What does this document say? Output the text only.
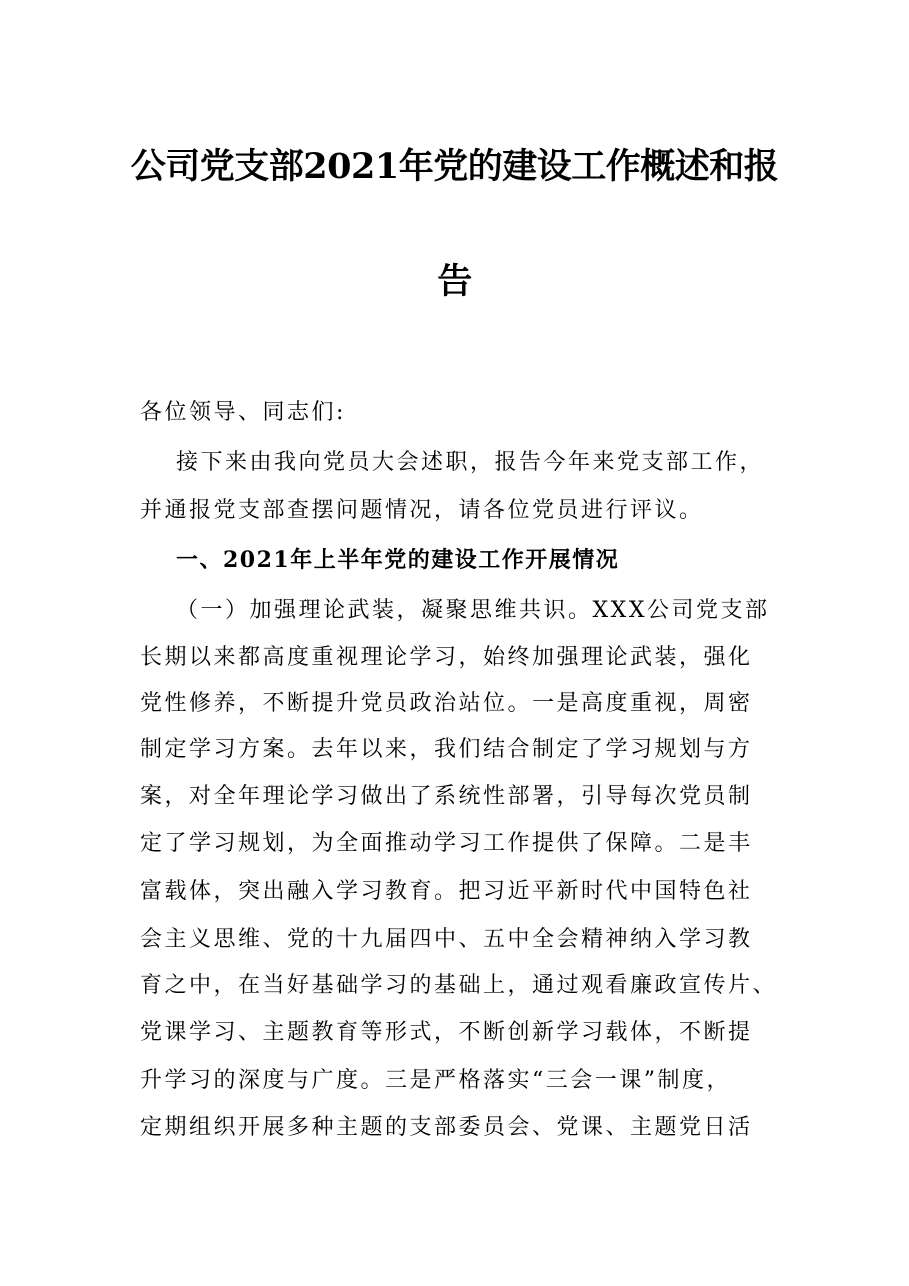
公司党支部2021年党的建设工作概述和报
告
各位领导、同志们:
接下来由我向党员大会述职，报告今年来党支部工作，
并通报党支部查摆问题情况，请各位党员进行评议。
一、2021年上半年党的建设工作开展情况
（一）加强理论武装，凝聚思维共识。XXX公司党支部
长期以来都高度重视理论学习，始终加强理论武装，强化
党性修养，不断提升党员政治站位。一是高度重视，周密
制定学习方案。去年以来，我们结合制定了学习规划与方
案，对全年理论学习做出了系统性部署，引导每次党员制
定了学习规划，为全面推动学习工作提供了保障。二是丰
富载体，突出融入学习教育。把习近平新时代中国特色社
会主义思维、党的十九届四中、五中全会精神纳入学习教
育之中，在当好基础学习的基础上，通过观看廉政宣传片、
党课学习、主题教育等形式，不断创新学习载体，不断提
升学习的深度与广度。三是严格落实“三会一课”制度，
定期组织开展多种主题的支部委员会、党课、主题党日活
